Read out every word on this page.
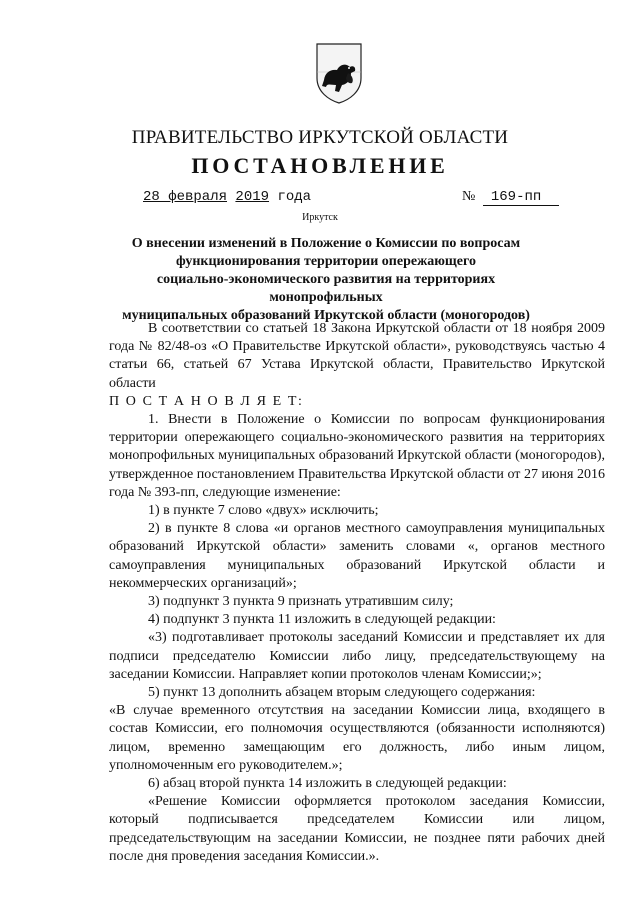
ПРАВИТЕЛЬСТВО ИРКУТСКОЙ ОБЛАСТИ
ПОСТАНОВЛЕНИЕ
28 февраля 2019 года	№ 169-пп
Иркутск
О внесении изменений в Положение о Комиссии по вопросам
функционирования территории опережающего
социально-экономического развития на территориях монопрофильных
муниципальных образований Иркутской области (моногородов)

В соответствии со статьей 18 Закона Иркутской области от 18 ноября 2009 года № 82/48-оз «О Правительстве Иркутской области», руководствуясь частью 4 статьи 66, статьей 67 Устава Иркутской области, Правительство Иркутской области

П О С Т А Н О В Л Я Е Т:

1. Внести в Положение о Комиссии по вопросам функционирования территории опережающего социально-экономического развития на территориях монопрофильных муниципальных образований Иркутской области (моногородов), утвержденное постановлением Правительства Иркутской области от 27 июня 2016 года № 393-пп, следующие изменение:

1) в пункте 7 слово «двух» исключить;

2) в пункте 8 слова «и органов местного самоуправления муниципальных образований Иркутской области» заменить словами «, органов местного самоуправления муниципальных образований Иркутской области и некоммерческих организаций»;

3) подпункт 3 пункта 9 признать утратившим силу;

4) подпункт 3 пункта 11 изложить в следующей редакции:

«3) подготавливает протоколы заседаний Комиссии и представляет их для подписи председателю Комиссии либо лицу, председательствующему на заседании Комиссии. Направляет копии протоколов членам Комиссии;»;

5) пункт 13 дополнить абзацем вторым следующего содержания:

«В случае временного отсутствия на заседании Комиссии лица, входящего в состав Комиссии, его полномочия осуществляются (обязанности исполняются) лицом, временно замещающим его должность, либо иным лицом, уполномоченным его руководителем.»;

6) абзац второй пункта 14 изложить в следующей редакции:

«Решение Комиссии оформляется протоколом заседания Комиссии, который подписывается председателем Комиссии или лицом, председательствующим на заседании Комиссии, не позднее пяти рабочих дней после дня проведения заседания Комиссии.».
